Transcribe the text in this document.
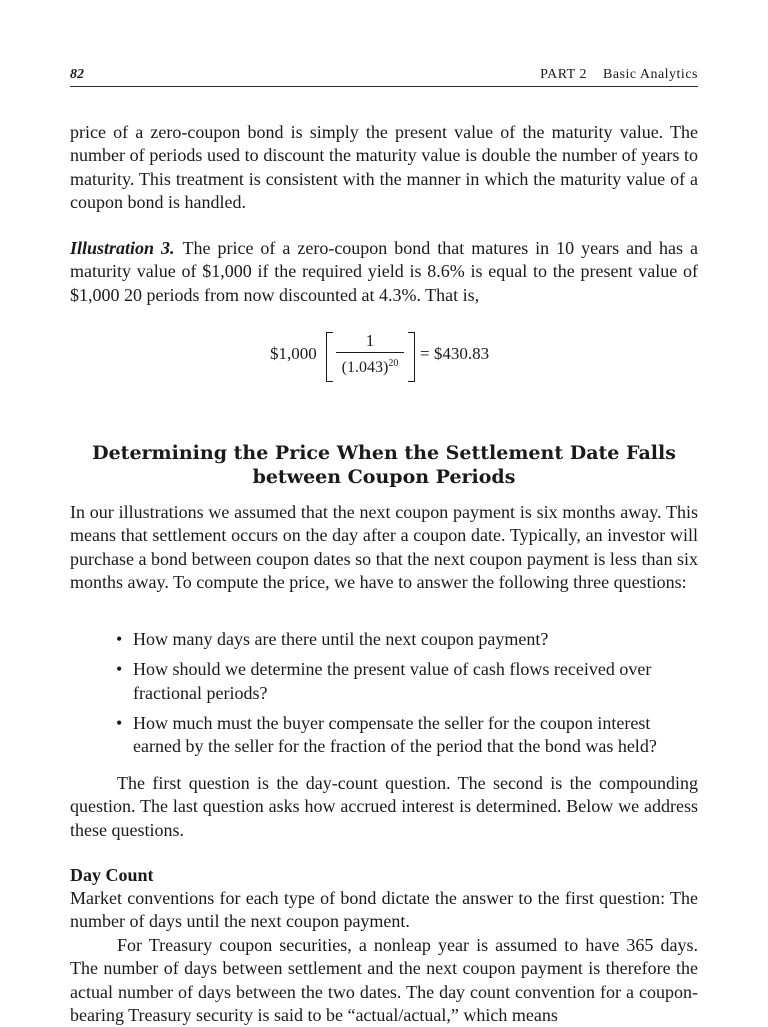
82	PART 2 Basic Analytics

price of a zero-coupon bond is simply the present value of the maturity value. The number of periods used to discount the maturity value is double the number of years to maturity. This treatment is consistent with the manner in which the maturity value of a coupon bond is handled.

Illustration 3. The price of a zero-coupon bond that matures in 10 years and has a maturity value of $1,000 if the required yield is 8.6% is equal to the present value of $1,000 20 periods from now discounted at 4.3%. That is,

$1,000
1
$(1.043)^{20}$
= $430.83
Determining the Price When the Settlement Date Falls between Coupon Periods

In our illustrations we assumed that the next coupon payment is six months away. This means that settlement occurs on the day after a coupon date. Typically, an investor will purchase a bond between coupon dates so that the next coupon payment is less than six months away. To compute the price, we have to answer the following three questions:

• How many days are there until the next coupon payment?
• How should we determine the present value of cash flows received over fractional periods?
• How much must the buyer compensate the seller for the coupon interest earned by the seller for the fraction of the period that the bond was held?

The first question is the day-count question. The second is the compounding question. The last question asks how accrued interest is determined. Below we address these questions.

Day Count

Market conventions for each type of bond dictate the answer to the first question: The number of days until the next coupon payment.

For Treasury coupon securities, a nonleap year is assumed to have 365 days. The number of days between settlement and the next coupon payment is therefore the actual number of days between the two dates. The day count convention for a coupon-bearing Treasury security is said to be “actual/actual,” which means
